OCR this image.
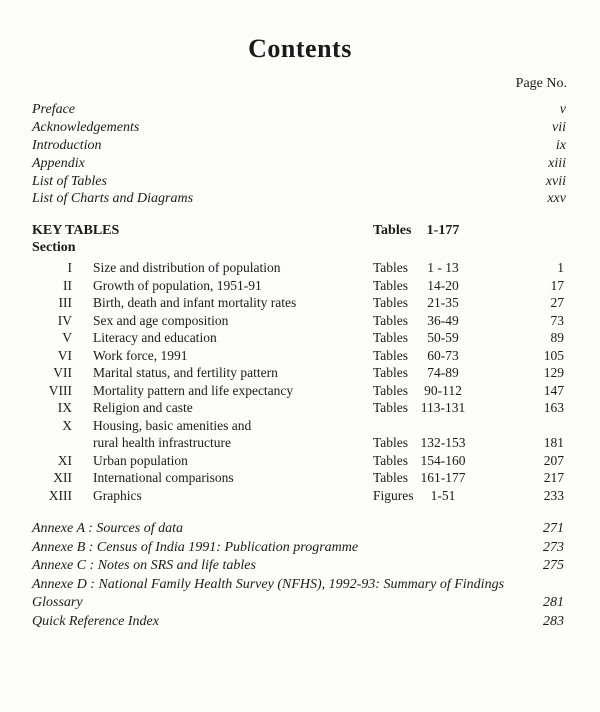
Contents
Page No.
Preface	v
Acknowledgements	vii
Introduction	ix
Appendix	xiii
List of Tables	xvii
List of Charts and Diagrams	xxv
KEY TABLES	Tables	1-177
Section
I Size and distribution of population	Tables	1 - 13	1
II Growth of population, 1951-91	Tables	14-20	17
III Birth, death and infant mortality rates	Tables	21-35	27
IV Sex and age composition	Tables	36-49	73
V Literacy and education	Tables	50-59	89
VI Work force, 1991	Tables	60-73	105
VII Marital status, and fertility pattern	Tables	74-89	129
VIII Mortality pattern and life expectancy	Tables	90-112	147
IX Religion and caste	Tables 113-131	163
X Housing, basic amenities and
rural health infrastructure	Tables 132-153	181
XI Urban population	Tables 154-160	207
XII International comparisons	Tables 161-177	217
XIII Graphics	Figures	1-51	233
Annexe A : Sources of data	271
Annexe B : Census of India 1991: Publication programme	273
Annexe C : Notes on SRS and life tables	275
Annexe D : National Family Health Survey (NFHS), 1992-93: Summary of Findings
Glossary	281
Quick Reference Index	283
